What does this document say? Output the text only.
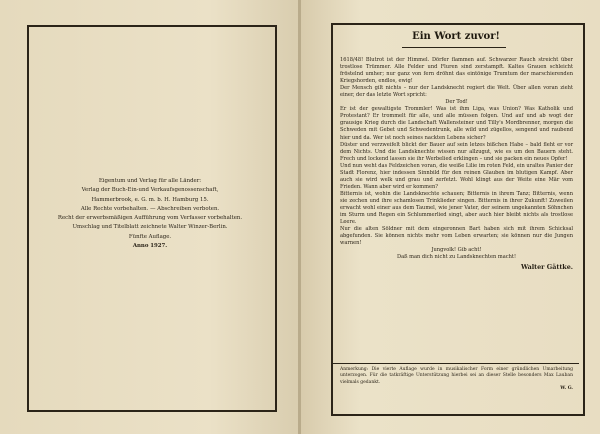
Eigentum und Verlag für alle Länder:
Verlag der Buch-Ein-und Verkaufsgenossenschaft,
Hammerbrook, e. G. m. b. H. Hamburg 15.
Alle Rechte vorbehalten. — Abschreiben verboten.
Recht der erwerbsmäßigen Aufführung vom Verfasser vorbehalten.
Umschlag und Titelblatt zeichnete Walter Winzer-Berlin.
Fünfte Auflage.
Anno 1927.
Ein Wort zuvor!

1618/48! Blutrot ist der Himmel. Dörfer flammen auf. Schwarzer Rauch streicht über trostlose Trümmer. Alle Felder und Fluren sind zerstampft. Kaltes Grauen schleicht fröstelnd umher; nur ganz von fern dröhnt das eintönige Trumtum der marschierenden Kriegshorden, endlos, ewig!

Der Mensch gilt nichts – nur der Landsknecht regiert die Welt. Über allen voran zieht einer, der das letzte Wort spricht:

Der Tod!

Er ist der gewaltigste Trommler! Was ist ihm Liga, was Union? Was Katholik und Protestant? Er trommelt für alle, und alle müssen folgen. Und auf und ab wogt der grausige Krieg durch die Landschaft Wallensteiner und Tilly's Mordbrenner, morgen die Schweden mit Gebet und Schwedentrunk, alle wild und zügellos, sengend und raubend hier und da. Wer ist noch seines nackten Lebens sicher?

Düster und verzweifelt blickt der Bauer auf sein letzes bißchen Habe – bald fleht er vor dem Nichts. Und die Landsknechte wissen nur allzugut, wie es um den Bauern steht. Frech und lockend lassen sie ihr Werbelied erklingen – und sie packen ein neues Opfer!

Und nun weht das Feldzeichen voran, die weiße Lilie im roten Feld, ein uraltes Panier der Stadt Florenz, hier indessen Sinnbild für den reinen Glauben im blutigen Kampf. Aber auch sie wird welk und grau und zerfetzt. Wohl klingt aus der Weite eine Mär vom Frieden. Wann aber wird er kommen?

Bitternis ist, wohin die Landsknechte schauen; Bitternis in ihrem Tanz; Bitternis, wenn sie zechen und ihre schamlosen Trinklieder singen. Bitternis in ihrer Zukunft! Zuweilen erwacht wohl einer aus dem Taumel, wie jener Vater, der seinem ungekannten Söhnchen im Sturm und Regen ein Schlummerlied singt, aber auch hier bleibt nichts als trostlose Leere.

Nur die alten Söldner mit dem eingeronnen Bart haben sich mit ihrem Schicksal abgefunden. Sie können nichts mehr vom Leben erwarten; sie können nur die Jungen warnen!

Jungvolk! Gib acht!

Daß man dich nicht zu Landsknechten macht!

Walter Gättke.

Anmerkung: Die vierte Auflage wurde in musikalischer Form einer gründlichen Umarbeitung unterzogen. Für die tatkräftige Unterstützung hierbei sei an dieser Stelle besonders Max Lauban vielmals gedankt.
W. G.
